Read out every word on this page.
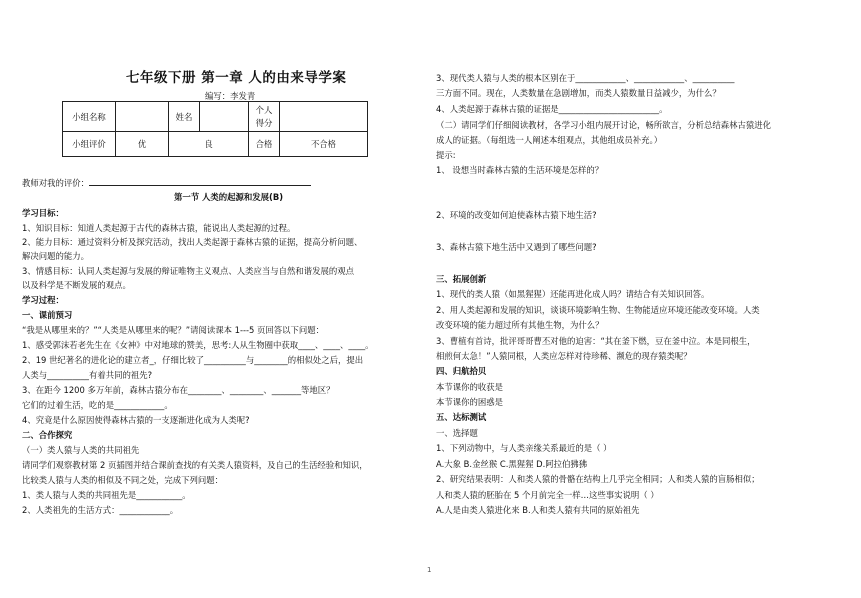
七年级下册 第一章 人的由来导学案
编写：李发青
小组名称		姓名		个人
得分	
小组评价	优	良		合格	不合格
教师对我的评价：
第一节 人类的起源和发展(B)
学习目标：
1、知识目标：知道人类起源于古代的森林古猿，能说出人类起源的过程。
2、能力目标：通过资料分析及探究活动，找出人类起源于森林古猿的证据，提高分析问题、
解决问题的能力。
3、情感目标：认同人类起源与发展的辩证唯物主义观点、人类应当与自然和谐发展的观点
以及科学是不断发展的观点。
学习过程：
一、课前预习
“我是从哪里来的？”“人类是从哪里来的呢？”请阅读课本 1---5 页回答以下问题：
1、感受郭沫若老先生在《女神》中对地球的赞美，思考:人从生物圈中获取____、____、____。
2、19 世纪著名的进化论的建立者_，仔细比较了__________与________的相似处之后，提出
人类与__________有着共同的祖先?
3、在距今 1200 多万年前，森林古猿分布在________、________、_______等地区？
它们的过着生活，吃的是____________。
4、究竟是什么原因使得森林古猿的一支逐渐进化成为人类呢?
二、合作探究
（一）类人猿与人类的共同祖先
请同学们观察教材第 2 页插图并结合课前查找的有关类人猿资料，及自己的生活经验和知识，
比较类人猿与人类的相似及不同之处，完成下列问题：
1、类人猿与人类的共同祖先是___________。
2、人类祖先的生活方式：____________。
3、现代类人猿与人类的根本区别在于____________、____________、__________
三方面不同。现在，人类数量在急剧增加，而类人猿数量日益减少，为什么？
4、人类起源于森林古猿的证据是________________________。
（二）请同学们仔细阅读教材，各学习小组内展开讨论，畅所欲言，分析总结森林古猿进化
成人的证据。（每组选一人阐述本组观点，其他组成员补充。）
提示:
1、 设想当时森林古猿的生活环境是怎样的？
2、环境的改变如何迫使森林古猿下地生活?
3、森林古猿下地生活中又遇到了哪些问题?
三、拓展创新
1、现代的类人猿（如黑猩猩）还能再进化成人吗？请结合有关知识回答。
2、用人类起源和发展的知识，谈谈环境影响生物、生物能适应环境还能改变环境。人类
改变环境的能力超过所有其他生物，为什么？
3、曹植有首诗，批评哥哥曹丕对他的迫害：“其在釜下燃，豆在釜中泣。本是同根生，
相煎何太急！”人猿同根，人类应怎样对待珍稀、濒危的现存猿类呢？
四、归航拾贝
本节课你的收获是
本节课你的困惑是
五、达标测试
一、选择题
1、下列动物中，与人类亲缘关系最近的是（ ）
A.大象 B.金丝猴 C.黑猩猩 D.阿拉伯狒狒
2、研究结果表明：人和类人猿的骨骼在结构上几乎完全相同；人和类人猿的盲肠相似；
人和类人猿的胚胎在 5 个月前完全一样…这些事实说明（ ）
A.人是由类人猿进化来 B.人和类人猿有共同的原始祖先
1
